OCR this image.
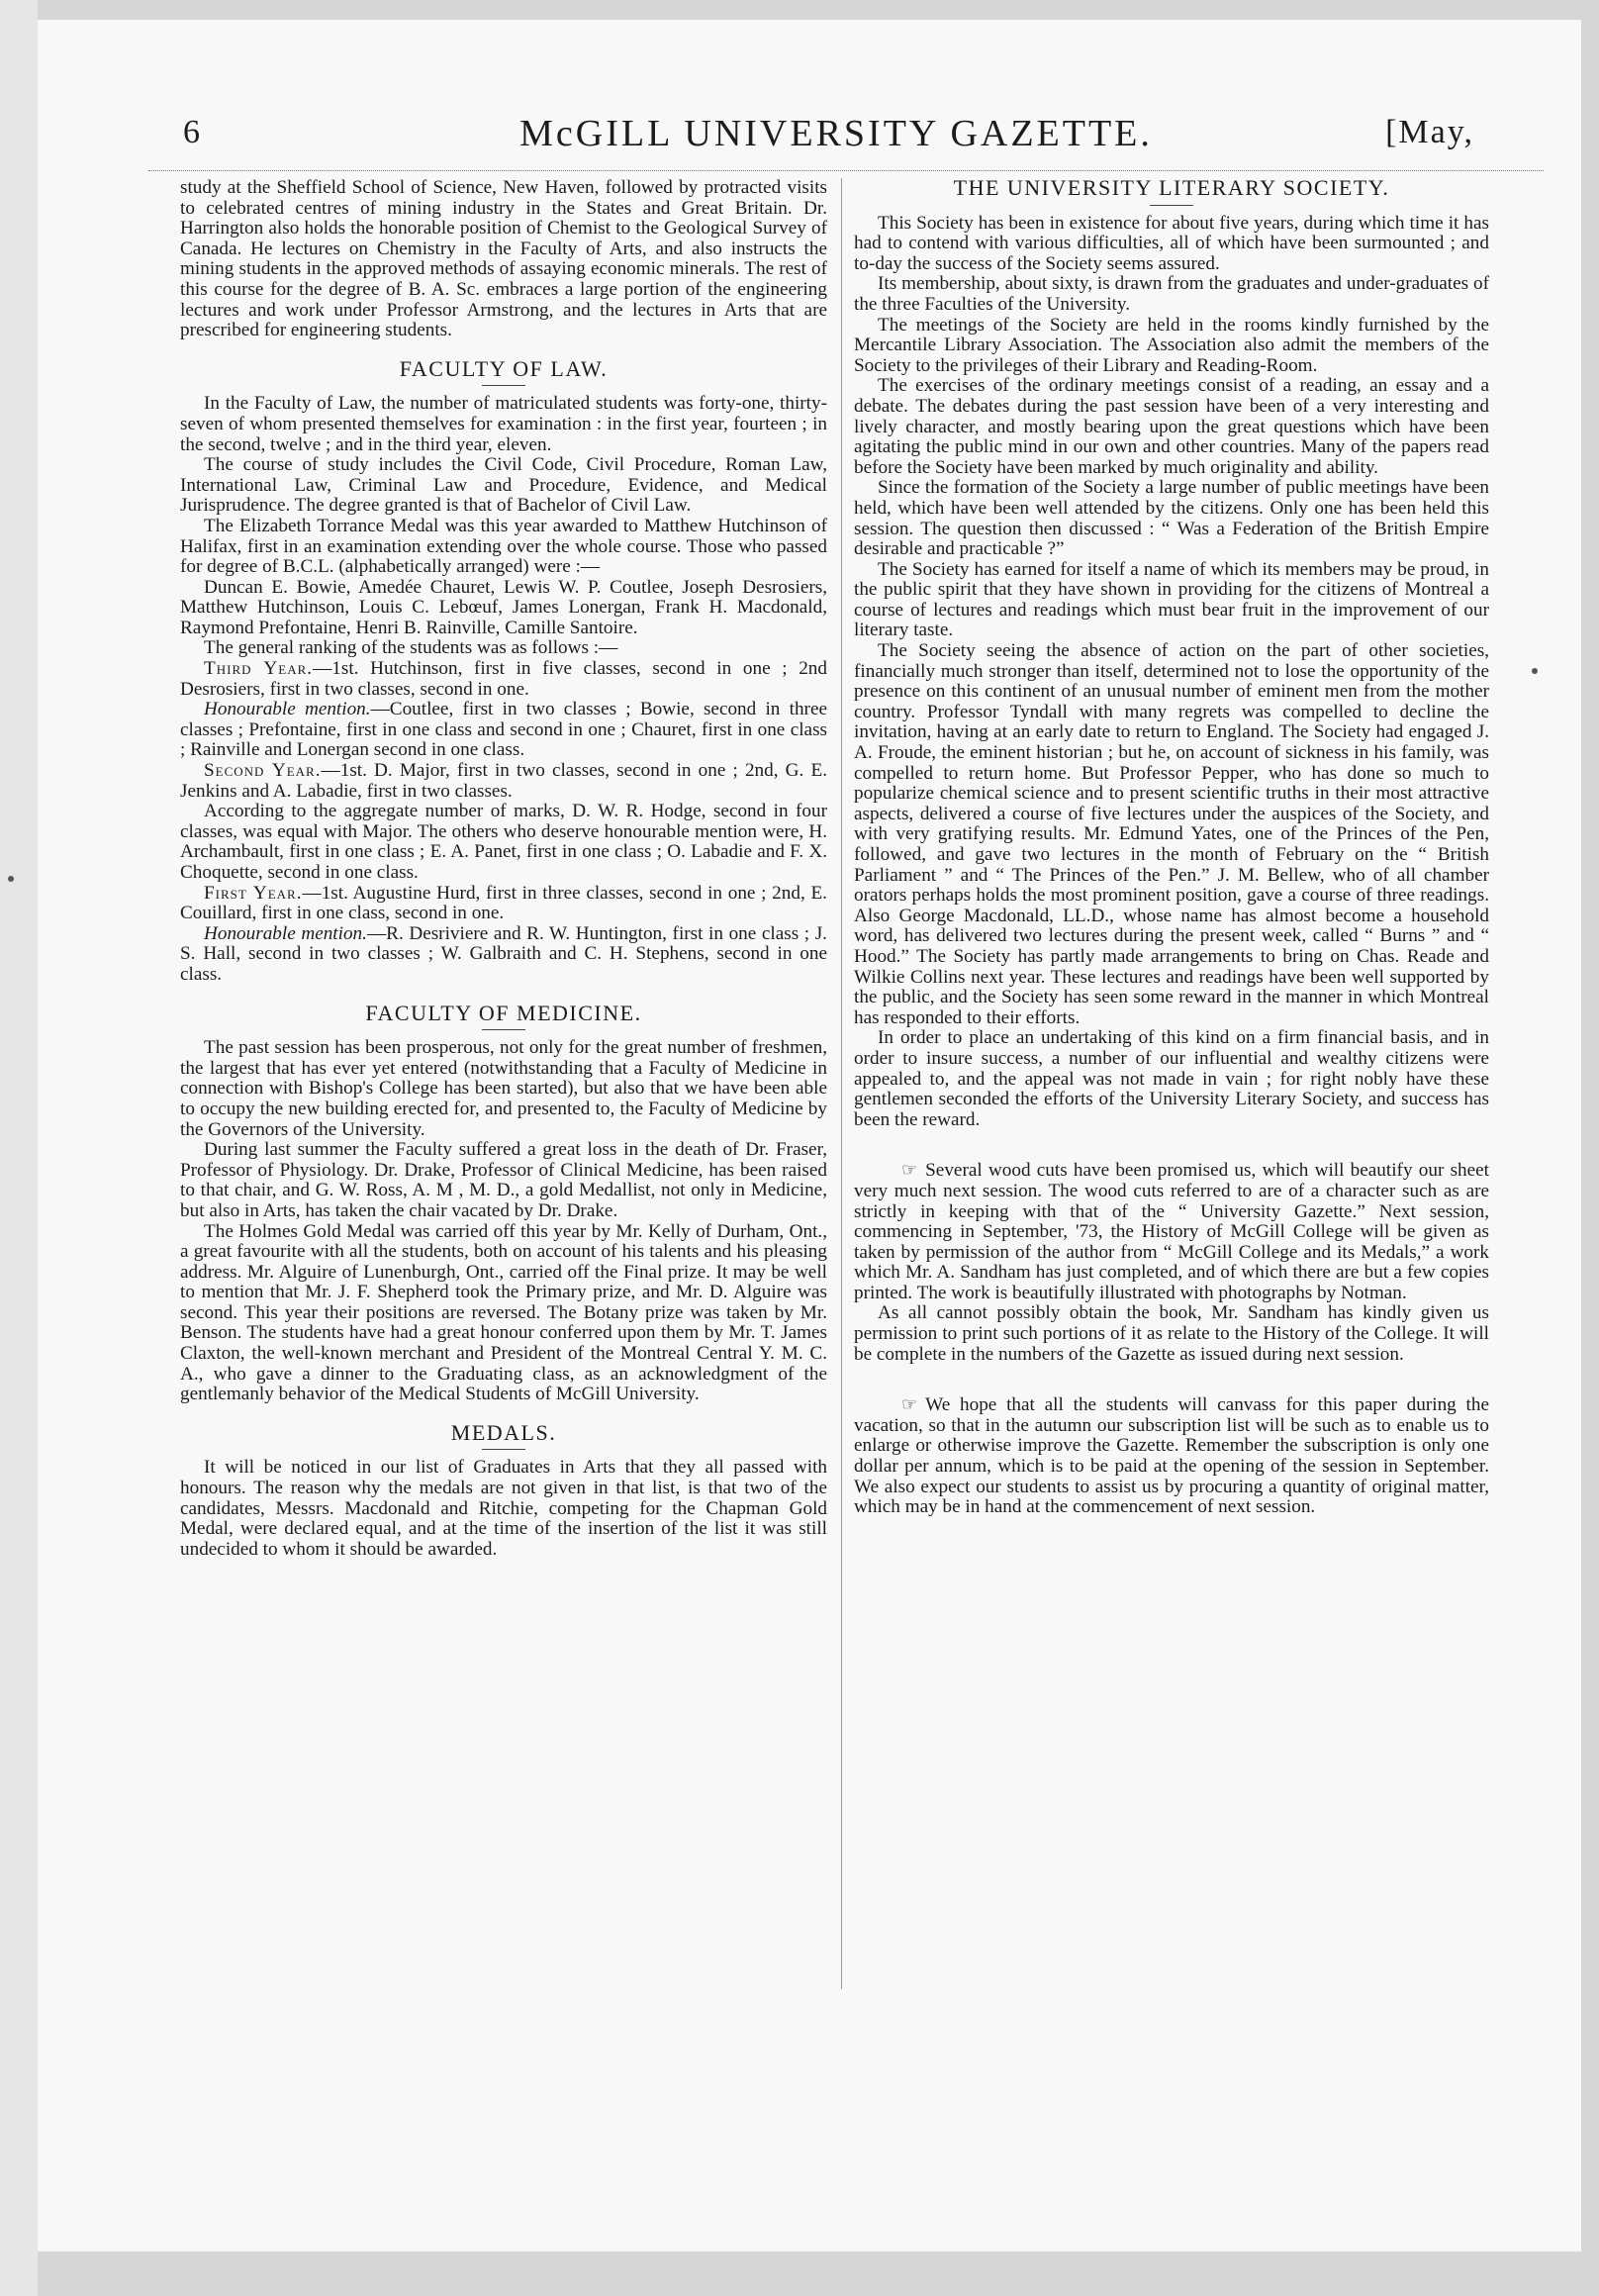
6	McGILL UNIVERSITY GAZETTE.	[May,

study at the Sheffield School of Science, New Haven, followed by protracted visits to celebrated centres of mining industry in the States and Great Britain. Dr. Harrington also holds the honorable position of Chemist to the Geological Survey of Canada. He lectures on Chemistry in the Faculty of Arts, and also instructs the mining students in the approved methods of assaying economic minerals. The rest of this course for the degree of B. A. Sc. embraces a large portion of the engineering lectures and work under Professor Armstrong, and the lectures in Arts that are prescribed for engineering students.

FACULTY OF LAW.

In the Faculty of Law, the number of matriculated students was forty-one, thirty-seven of whom presented themselves for examination : in the first year, fourteen ; in the second, twelve ; and in the third year, eleven.

The course of study includes the Civil Code, Civil Procedure, Roman Law, International Law, Criminal Law and Procedure, Evidence, and Medical Jurisprudence. The degree granted is that of Bachelor of Civil Law.

The Elizabeth Torrance Medal was this year awarded to Matthew Hutchinson of Halifax, first in an examination extending over the whole course. Those who passed for degree of B.C.L. (alphabetically arranged) were :—

Duncan E. Bowie, Amedée Chauret, Lewis W. P. Coutlee, Joseph Desrosiers, Matthew Hutchinson, Louis C. Lebœuf, James Lonergan, Frank H. Macdonald, Raymond Prefontaine, Henri B. Rainville, Camille Santoire.

The general ranking of the students was as follows :—

Third Year.—1st. Hutchinson, first in five classes, second in one ; 2nd Desrosiers, first in two classes, second in one.

Honourable mention.—Coutlee, first in two classes ; Bowie, second in three classes ; Prefontaine, first in one class and second in one ; Chauret, first in one class ; Rainville and Lonergan second in one class.

Second Year.—1st. D. Major, first in two classes, second in one ; 2nd, G. E. Jenkins and A. Labadie, first in two classes.

According to the aggregate number of marks, D. W. R. Hodge, second in four classes, was equal with Major. The others who deserve honourable mention were, H. Archambault, first in one class ; E. A. Panet, first in one class ; O. Labadie and F. X. Choquette, second in one class.

First Year.—1st. Augustine Hurd, first in three classes, second in one ; 2nd, E. Couillard, first in one class, second in one.

Honourable mention.—R. Desriviere and R. W. Huntington, first in one class ; J. S. Hall, second in two classes ; W. Galbraith and C. H. Stephens, second in one class.

FACULTY OF MEDICINE.

The past session has been prosperous, not only for the great number of freshmen, the largest that has ever yet entered (notwithstanding that a Faculty of Medicine in connection with Bishop's College has been started), but also that we have been able to occupy the new building erected for, and presented to, the Faculty of Medicine by the Governors of the University.

During last summer the Faculty suffered a great loss in the death of Dr. Fraser, Professor of Physiology. Dr. Drake, Professor of Clinical Medicine, has been raised to that chair, and G. W. Ross, A. M , M. D., a gold Medallist, not only in Medicine, but also in Arts, has taken the chair vacated by Dr. Drake.

The Holmes Gold Medal was carried off this year by Mr. Kelly of Durham, Ont., a great favourite with all the students, both on account of his talents and his pleasing address. Mr. Alguire of Lunenburgh, Ont., carried off the Final prize. It may be well to mention that Mr. J. F. Shepherd took the Primary prize, and Mr. D. Alguire was second. This year their positions are reversed. The Botany prize was taken by Mr. Benson. The students have had a great honour conferred upon them by Mr. T. James Claxton, the well-known merchant and President of the Montreal Central Y. M. C. A., who gave a dinner to the Graduating class, as an acknowledgment of the gentlemanly behavior of the Medical Students of McGill University.

MEDALS.

It will be noticed in our list of Graduates in Arts that they all passed with honours. The reason why the medals are not given in that list, is that two of the candidates, Messrs. Macdonald and Ritchie, competing for the Chapman Gold Medal, were declared equal, and at the time of the insertion of the list it was still undecided to whom it should be awarded.

THE UNIVERSITY LITERARY SOCIETY.

This Society has been in existence for about five years, during which time it has had to contend with various difficulties, all of which have been surmounted ; and to-day the success of the Society seems assured.

Its membership, about sixty, is drawn from the graduates and under-graduates of the three Faculties of the University.

The meetings of the Society are held in the rooms kindly furnished by the Mercantile Library Association. The Association also admit the members of the Society to the privileges of their Library and Reading-Room.

The exercises of the ordinary meetings consist of a reading, an essay and a debate. The debates during the past session have been of a very interesting and lively character, and mostly bearing upon the great questions which have been agitating the public mind in our own and other countries. Many of the papers read before the Society have been marked by much originality and ability.

Since the formation of the Society a large number of public meetings have been held, which have been well attended by the citizens. Only one has been held this session. The question then discussed : “ Was a Federation of the British Empire desirable and practicable ?”

The Society has earned for itself a name of which its members may be proud, in the public spirit that they have shown in providing for the citizens of Montreal a course of lectures and readings which must bear fruit in the improvement of our literary taste.

The Society seeing the absence of action on the part of other societies, financially much stronger than itself, determined not to lose the opportunity of the presence on this continent of an unusual number of eminent men from the mother country. Professor Tyndall with many regrets was compelled to decline the invitation, having at an early date to return to England. The Society had engaged J. A. Froude, the eminent historian ; but he, on account of sickness in his family, was compelled to return home. But Professor Pepper, who has done so much to popularize chemical science and to present scientific truths in their most attractive aspects, delivered a course of five lectures under the auspices of the Society, and with very gratifying results. Mr. Edmund Yates, one of the Princes of the Pen, followed, and gave two lectures in the month of February on the “ British Parliament ” and “ The Princes of the Pen.” J. M. Bellew, who of all chamber orators perhaps holds the most prominent position, gave a course of three readings. Also George Macdonald, LL.D., whose name has almost become a household word, has delivered two lectures during the present week, called “ Burns ” and “ Hood.” The Society has partly made arrangements to bring on Chas. Reade and Wilkie Collins next year. These lectures and readings have been well supported by the public, and the Society has seen some reward in the manner in which Montreal has responded to their efforts.

In order to place an undertaking of this kind on a firm financial basis, and in order to insure success, a number of our influential and wealthy citizens were appealed to, and the appeal was not made in vain ; for right nobly have these gentlemen seconded the efforts of the University Literary Society, and success has been the reward.

☞ Several wood cuts have been promised us, which will beautify our sheet very much next session. The wood cuts referred to are of a character such as are strictly in keeping with that of the “ University Gazette.” Next session, commencing in September, '73, the History of McGill College will be given as taken by permission of the author from “ McGill College and its Medals,” a work which Mr. A. Sandham has just completed, and of which there are but a few copies printed. The work is beautifully illustrated with photographs by Notman.

As all cannot possibly obtain the book, Mr. Sandham has kindly given us permission to print such portions of it as relate to the History of the College. It will be complete in the numbers of the Gazette as issued during next session.

☞ We hope that all the students will canvass for this paper during the vacation, so that in the autumn our subscription list will be such as to enable us to enlarge or otherwise improve the Gazette. Remember the subscription is only one dollar per annum, which is to be paid at the opening of the session in September. We also expect our students to assist us by procuring a quantity of original matter, which may be in hand at the commencement of next session.
